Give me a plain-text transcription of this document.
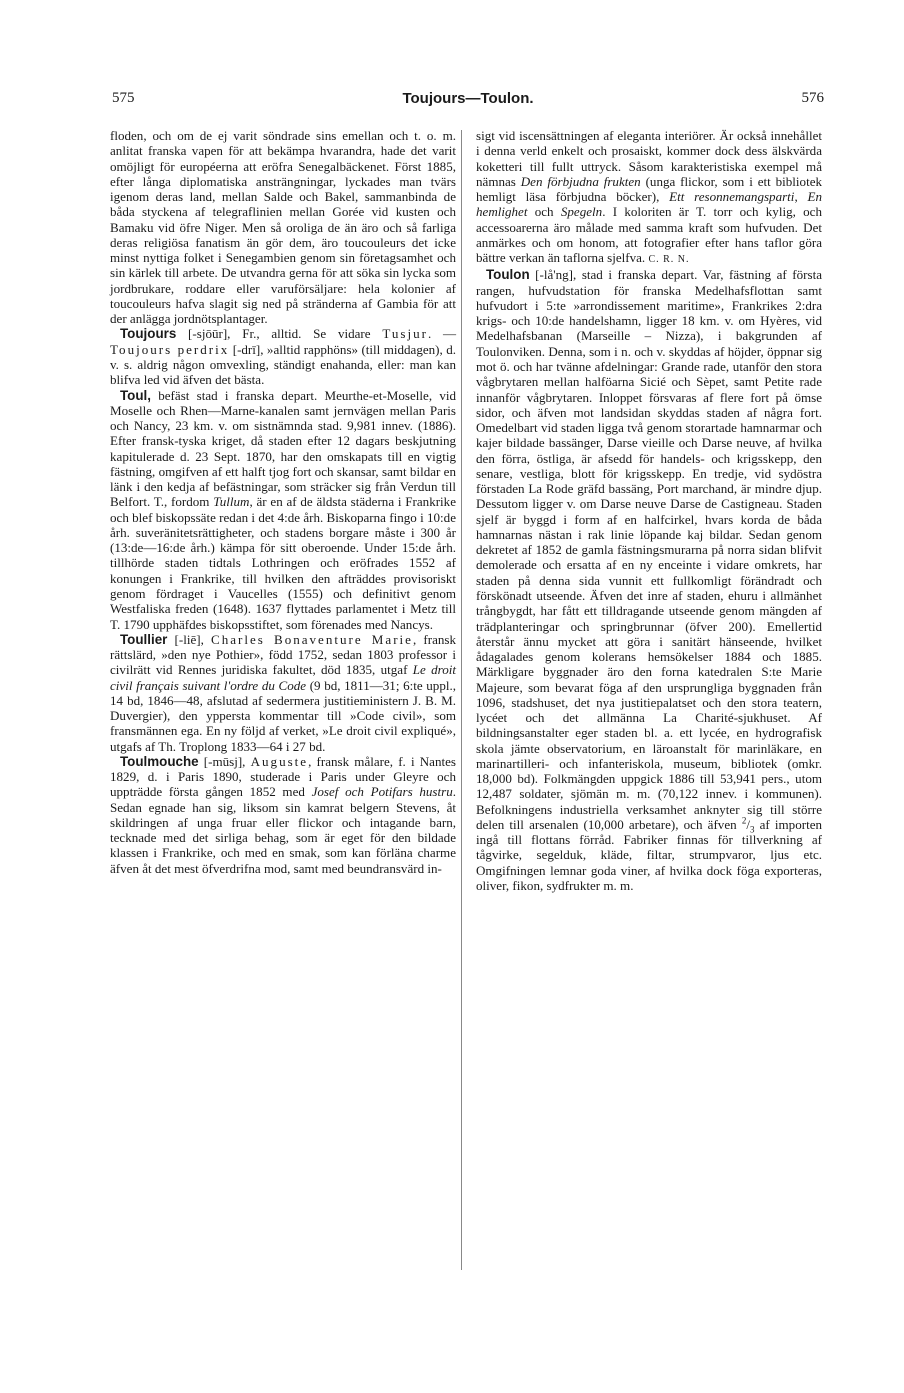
575	Toujours—Toulon.	576

floden, och om de ej varit söndrade sins emellan och t. o. m. anlitat franska vapen för att bekämpa hvarandra, hade det varit omöjligt för européerna att eröfra Senegalbäckenet. Först 1885, efter långa diplomatiska ansträngningar, lyckades man tvärs igenom deras land, mellan Salde och Bakel, sammanbinda de båda styckena af telegraflinien mellan Gorée vid kusten och Bamaku vid öfre Niger. Men så oroliga de än äro och så farliga deras religiösa fanatism än gör dem, äro toucouleurs det icke minst nyttiga folket i Senegambien genom sin företagsamhet och sin kärlek till arbete. De utvandra gerna för att söka sin lycka som jordbrukare, roddare eller varuförsäljare: hela kolonier af toucouleurs hafva slagit sig ned på stränderna af Gambia för att der anlägga jordnötsplantager.

Toujours [-sjōūr], Fr., alltid. Se vidare Tusjur. — Toujours perdrix [-drī], »alltid rapphöns» (till middagen), d. v. s. aldrig någon omvexling, ständigt enahanda, eller: man kan blifva led vid äfven det bästa.

Toul, befäst stad i franska depart. Meurthe-et-Moselle, vid Moselle och Rhen—Marne-kanalen samt jernvägen mellan Paris och Nancy, 23 km. v. om sistnämnda stad. 9,981 innev. (1886). Efter fransk-tyska kriget, då staden efter 12 dagars beskjutning kapitulerade d. 23 Sept. 1870, har den omskapats till en vigtig fästning, omgifven af ett halft tjog fort och skansar, samt bildar en länk i den kedja af befästningar, som sträcker sig från Verdun till Belfort. T., fordom Tullum, är en af de äldsta städerna i Frankrike och blef biskopssäte redan i det 4:de årh. Biskoparna fingo i 10:de årh. suveränitetsrättigheter, och stadens borgare måste i 300 år (13:de—16:de årh.) kämpa för sitt oberoende. Under 15:de årh. tillhörde staden tidtals Lothringen och eröfrades 1552 af konungen i Frankrike, till hvilken den afträddes provisoriskt genom fördraget i Vaucelles (1555) och definitivt genom Westfaliska freden (1648). 1637 flyttades parlamentet i Metz till T. 1790 upphäfdes biskopsstiftet, som förenades med Nancys.

Toullier [-liē], Charles Bonaventure Marie, fransk rättslärd, »den nye Pothier», född 1752, sedan 1803 professor i civilrätt vid Rennes juridiska fakultet, död 1835, utgaf Le droit civil français suivant l'ordre du Code (9 bd, 1811—31; 6:te uppl., 14 bd, 1846—48, afslutad af sedermera justitieministern J. B. M. Duvergier), den yppersta kommentar till »Code civil», som fransmännen ega. En ny följd af verket, »Le droit civil expliqué», utgafs af Th. Troplong 1833—64 i 27 bd.

Toulmouche [-mūsj], Auguste, fransk målare, f. i Nantes 1829, d. i Paris 1890, studerade i Paris under Gleyre och uppträdde första gången 1852 med Josef och Potifars hustru. Sedan egnade han sig, liksom sin kamrat belgern Stevens, åt skildringen af unga fruar eller flickor och intagande barn, tecknade med det sirliga behag, som är eget för den bildade klassen i Frankrike, och med en smak, som kan förläna charme äfven åt det mest öfverdrifna mod, samt med beundransvärd in-

sigt vid iscensättningen af eleganta interiörer. Är också innehållet i denna verld enkelt och prosaiskt, kommer dock dess älskvärda koketteri till fullt uttryck. Såsom karakteristiska exempel må nämnas Den förbjudna frukten (unga flickor, som i ett bibliotek hemligt läsa förbjudna böcker), Ett resonnemangsparti, En hemlighet och Spegeln. I koloriten är T. torr och kylig, och accessoarerna äro målade med samma kraft som hufvuden. Det anmärkes och om honom, att fotografier efter hans taflor göra bättre verkan än taflorna sjelfva. C. R. N.

Toulon [-lå'ng], stad i franska depart. Var, fästning af första rangen, hufvudstation för franska Medelhafsflottan samt hufvudort i 5:te »arrondissement maritime», Frankrikes 2:dra krigs- och 10:de handelshamn, ligger 18 km. v. om Hyères, vid Medelhafsbanan (Marseille – Nizza), i bakgrunden af Toulonviken. Denna, som i n. och v. skyddas af höjder, öppnar sig mot ö. och har tvänne afdelningar: Grande rade, utanför den stora vågbrytaren mellan halföarna Sicié och Sèpet, samt Petite rade innanför vågbrytaren. Inloppet försvaras af flere fort på ömse sidor, och äfven mot landsidan skyddas staden af några fort. Omedelbart vid staden ligga två genom storartade hamnarmar och kajer bildade bassänger, Darse vieille och Darse neuve, af hvilka den förra, östliga, är afsedd för handels- och krigsskepp, den senare, vestliga, blott för krigsskepp. En tredje, vid sydöstra förstaden La Rode gräfd bassäng, Port marchand, är mindre djup. Dessutom ligger v. om Darse neuve Darse de Castigneau. Staden sjelf är byggd i form af en halfcirkel, hvars korda de båda hamnarnas nästan i rak linie löpande kaj bildar. Sedan genom dekretet af 1852 de gamla fästningsmurarna på norra sidan blifvit demolerade och ersatta af en ny enceinte i vidare omkrets, har staden på denna sida vunnit ett fullkomligt förändradt och förskönadt utseende. Äfven det inre af staden, ehuru i allmänhet trångbygdt, har fått ett tilldragande utseende genom mängden af trädplanteringar och springbrunnar (öfver 200). Emellertid återstår ännu mycket att göra i sanitärt hänseende, hvilket ådagalades genom kolerans hemsökelser 1884 och 1885. Märkligare byggnader äro den forna katedralen S:te Marie Majeure, som bevarat föga af den ursprungliga byggnaden från 1096, stadshuset, det nya justitiepalatset och den stora teatern, lycéet och det allmänna La Charité-sjukhuset. Af bildningsanstalter eger staden bl. a. ett lycée, en hydrografisk skola jämte observatorium, en läroanstalt för marinläkare, en marinartilleri- och infanteriskola, museum, bibliotek (omkr. 18,000 bd). Folkmängden uppgick 1886 till 53,941 pers., utom 12,487 soldater, sjömän m. m. (70,122 innev. i kommunen). Befolkningens industriella verksamhet anknyter sig till större delen till arsenalen (10,000 arbetare), och äfven $^2/_3$ af importen ingå till flottans förråd. Fabriker finnas för tillverkning af tågvirke, segelduk, kläde, filtar, strumpvaror, ljus etc. Omgifningen lemnar goda viner, af hvilka dock föga exporteras, oliver, fikon, sydfrukter m. m.
